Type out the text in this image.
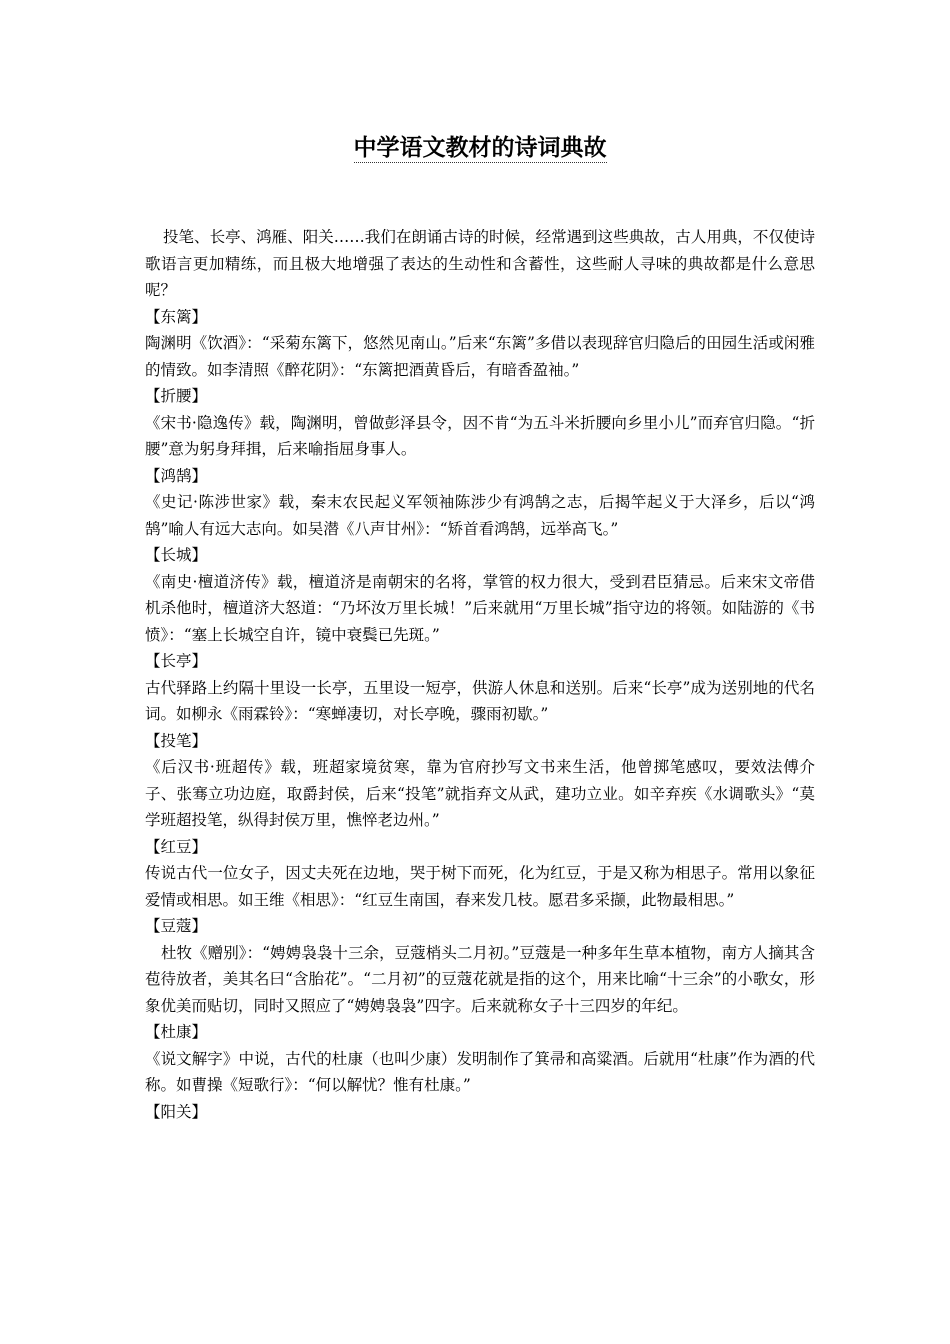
中学语文教材的诗词典故

投笔、长亭、鸿雁、阳关……我们在朗诵古诗的时候，经常遇到这些典故，古人用典，不仅使诗歌语言更加精练，而且极大地增强了表达的生动性和含蓄性，这些耐人寻味的典故都是什么意思呢？

【东篱】

陶渊明《饮酒》：“采菊东篱下，悠然见南山。”后来“东篱”多借以表现辞官归隐后的田园生活或闲雅的情致。如李清照《醉花阴》：“东篱把酒黄昏后，有暗香盈袖。”

【折腰】

《宋书·隐逸传》载，陶渊明，曾做彭泽县令，因不肯“为五斗米折腰向乡里小儿”而弃官归隐。“折腰”意为躬身拜揖，后来喻指屈身事人。

【鸿鹄】

《史记·陈涉世家》载，秦末农民起义军领袖陈涉少有鸿鹄之志，后揭竿起义于大泽乡，后以“鸿鹄”喻人有远大志向。如吴潜《八声甘州》：“矫首看鸿鹄，远举高飞。”

【长城】

《南史·檀道济传》载，檀道济是南朝宋的名将，掌管的权力很大，受到君臣猜忌。后来宋文帝借机杀他时，檀道济大怒道：“乃坏汝万里长城！”后来就用“万里长城”指守边的将领。如陆游的《书愤》：“塞上长城空自许，镜中衰鬓已先斑。”

【长亭】

古代驿路上约隔十里设一长亭，五里设一短亭，供游人休息和送别。后来“长亭”成为送别地的代名词。如柳永《雨霖铃》：“寒蝉凄切，对长亭晚，骤雨初歇。”

【投笔】

《后汉书·班超传》载，班超家境贫寒，靠为官府抄写文书来生活，他曾掷笔感叹，要效法傅介子、张骞立功边庭，取爵封侯，后来“投笔”就指弃文从武，建功立业。如辛弃疾《水调歌头》“莫学班超投笔，纵得封侯万里，憔悴老边州。”

【红豆】

传说古代一位女子，因丈夫死在边地，哭于树下而死，化为红豆，于是又称为相思子。常用以象征爱情或相思。如王维《相思》：“红豆生南国，春来发几枝。愿君多采撷，此物最相思。”

【豆蔻】

杜牧《赠别》：“娉娉袅袅十三余，豆蔻梢头二月初。”豆蔻是一种多年生草本植物，南方人摘其含苞待放者，美其名曰“含胎花”。“二月初”的豆蔻花就是指的这个，用来比喻“十三余”的小歌女，形象优美而贴切，同时又照应了“娉娉袅袅”四字。后来就称女子十三四岁的年纪。

【杜康】

《说文解字》中说，古代的杜康（也叫少康）发明制作了箕帚和高粱酒。后就用“杜康”作为酒的代称。如曹操《短歌行》：“何以解忧？惟有杜康。”

【阳关】
